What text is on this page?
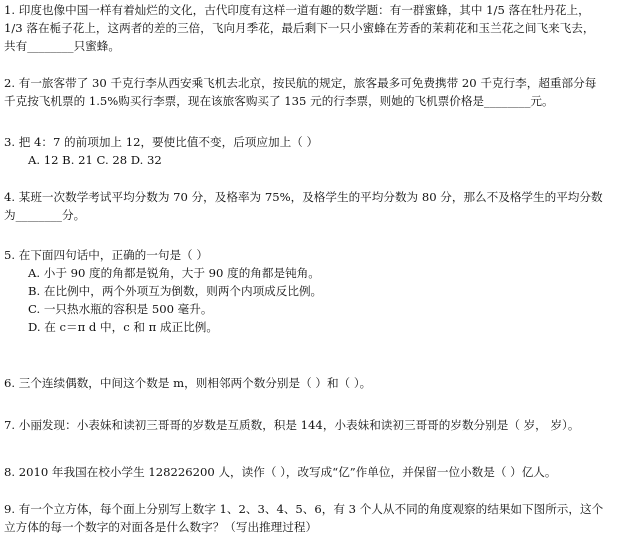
1. 印度也像中国一样有着灿烂的文化，古代印度有这样一道有趣的数学题：有一群蜜蜂，其中 1/5 落在牡丹花上，
1/3 落在栀子花上，这两者的差的三倍，飞向月季花，最后剩下一只小蜜蜂在芳香的茉莉花和玉兰花之间飞来飞去，
共有________只蜜蜂。
2. 有一旅客带了 30 千克行李从西安乘飞机去北京，按民航的规定，旅客最多可免费携带 20 千克行李，超重部分每
千克按飞机票的 1.5%购买行李票，现在该旅客购买了 135 元的行李票，则她的飞机票价格是________元。
3. 把 4：7 的前项加上 12，要使比值不变，后项应加上（ ）
A. 12 B. 21 C. 28 D. 32
4. 某班一次数学考试平均分数为 70 分，及格率为 75%，及格学生的平均分数为 80 分，那么不及格学生的平均分数
为________分。
5. 在下面四句话中，正确的一句是（ ）
A. 小于 90 度的角都是锐角，大于 90 度的角都是钝角。
B. 在比例中，两个外项互为倒数，则两个内项成反比例。
C. 一只热水瓶的容积是 500 毫升。
D. 在 c＝π d 中，c 和 π 成正比例。
6. 三个连续偶数，中间这个数是 m，则相邻两个数分别是（ ）和（ ）。
7. 小丽发现：小表妹和读初三哥哥的岁数是互质数，积是 144，小表妹和读初三哥哥的岁数分别是（ 岁， 岁）。
8. 2010 年我国在校小学生 128226200 人，读作（ ），改写成“亿”作单位，并保留一位小数是（ ）亿人。
9. 有一个立方体，每个面上分别写上数字 1、2、3、4、5、6，有 3 个人从不同的角度观察的结果如下图所示，这个
立方体的每一个数字的对面各是什么数字？（写出推理过程）
